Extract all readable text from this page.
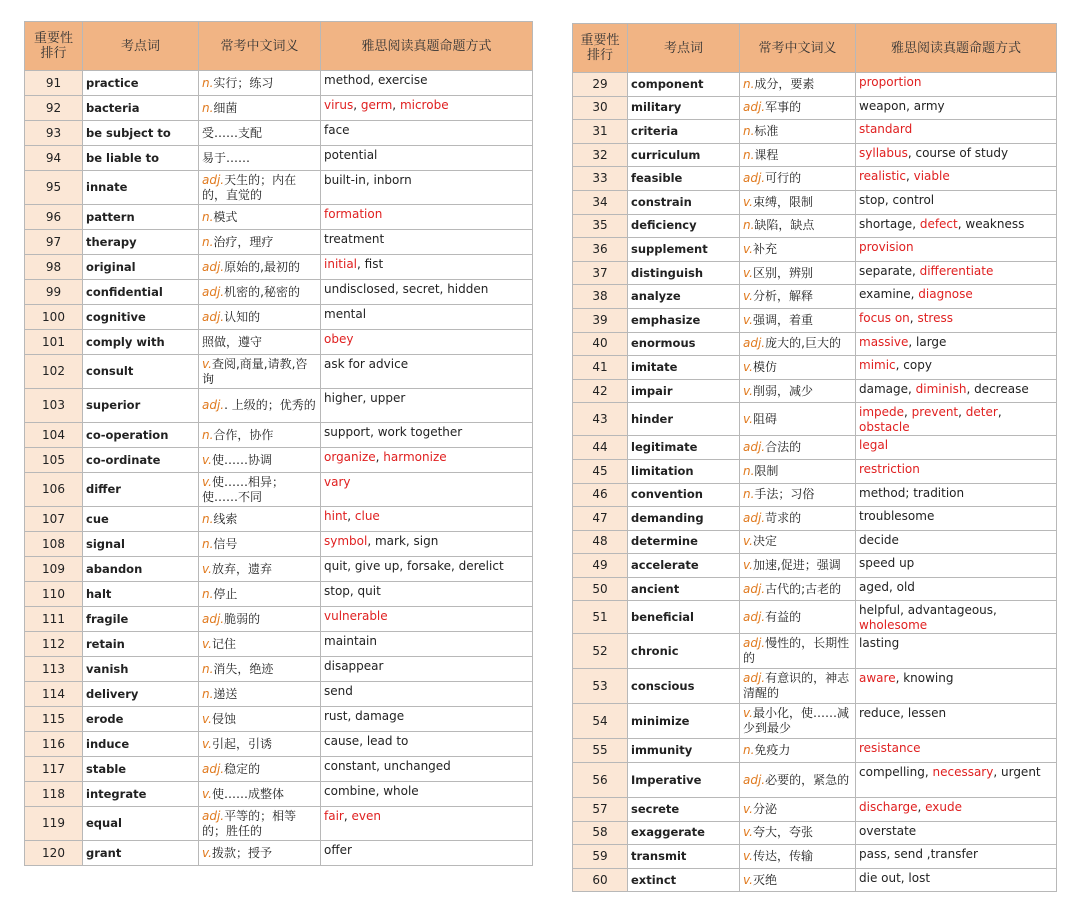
重要性排行	考点词	常考中文词义	雅思阅读真题命题方式
91	practice	n.实行；练习	method, exercise
92	bacteria	n.细菌	virus, germ, microbe
93	be subject to	受……支配	face
94	be liable to	易于……	potential
95	innate	adj.天生的；内在的，直觉的	built-in, inborn
96	pattern	n.模式	formation
97	therapy	n.治疗，理疗	treatment
98	original	adj.原始的,最初的	initial, fist
99	confidential	adj.机密的,秘密的	undisclosed, secret, hidden
100	cognitive	adj.认知的	mental
101	comply with	照做，遵守	obey
102	consult	v.查阅,商量,请教,咨询	ask for advice
103	superior	adj.. 上级的；优秀的	higher, upper
104	co-operation	n.合作，协作	support, work together
105	co-ordinate	v.使……协调	organize, harmonize
106	differ	v.使……相异；使……不同	vary
107	cue	n.线索	hint, clue
108	signal	n.信号	symbol, mark, sign
109	abandon	v.放弃，遗弃	quit, give up, forsake, derelict
110	halt	n.停止	stop, quit
111	fragile	adj.脆弱的	vulnerable
112	retain	v.记住	maintain
113	vanish	n.消失，绝迹	disappear
114	delivery	n.递送	send
115	erode	v.侵蚀	rust, damage
116	induce	v.引起，引诱	cause, lead to
117	stable	adj.稳定的	constant, unchanged
118	integrate	v.使……成整体	combine, whole
119	equal	adj.平等的；相等的；胜任的	fair, even
120	grant	v.拨款；授予	offer
重要性排行	考点词	常考中文词义	雅思阅读真题命题方式
29	component	n.成分，要素	proportion
30	military	adj.军事的	weapon, army
31	criteria	n.标准	standard
32	curriculum	n.课程	syllabus, course of study
33	feasible	adj.可行的	realistic, viable
34	constrain	v.束缚，限制	stop, control
35	deficiency	n.缺陷，缺点	shortage, defect, weakness
36	supplement	v.补充	provision
37	distinguish	v.区别，辨别	separate, differentiate
38	analyze	v.分析，解释	examine, diagnose
39	emphasize	v.强调，着重	focus on, stress
40	enormous	adj.庞大的,巨大的	massive, large
41	imitate	v.模仿	mimic, copy
42	impair	v.削弱，减少	damage, diminish, decrease
43	hinder	v.阻碍	impede, prevent, deter, obstacle
44	legitimate	adj.合法的	legal
45	limitation	n.限制	restriction
46	convention	n.手法；习俗	method; tradition
47	demanding	adj.苛求的	troublesome
48	determine	v.决定	decide
49	accelerate	v.加速,促进；强调	speed up
50	ancient	adj.古代的;古老的	aged, old
51	beneficial	adj.有益的	helpful, advantageous, wholesome
52	chronic	adj.慢性的，长期性的	lasting
53	conscious	adj.有意识的，神志清醒的	aware, knowing
54	minimize	v.最小化，使……减少到最少	reduce, lessen
55	immunity	n.免疫力	resistance
56	Imperative	adj.必要的，紧急的	compelling, necessary, urgent
57	secrete	v.分泌	discharge, exude
58	exaggerate	v.夸大，夸张	overstate
59	transmit	v.传达，传输	pass, send ,transfer
60	extinct	v.灭绝	die out, lost
